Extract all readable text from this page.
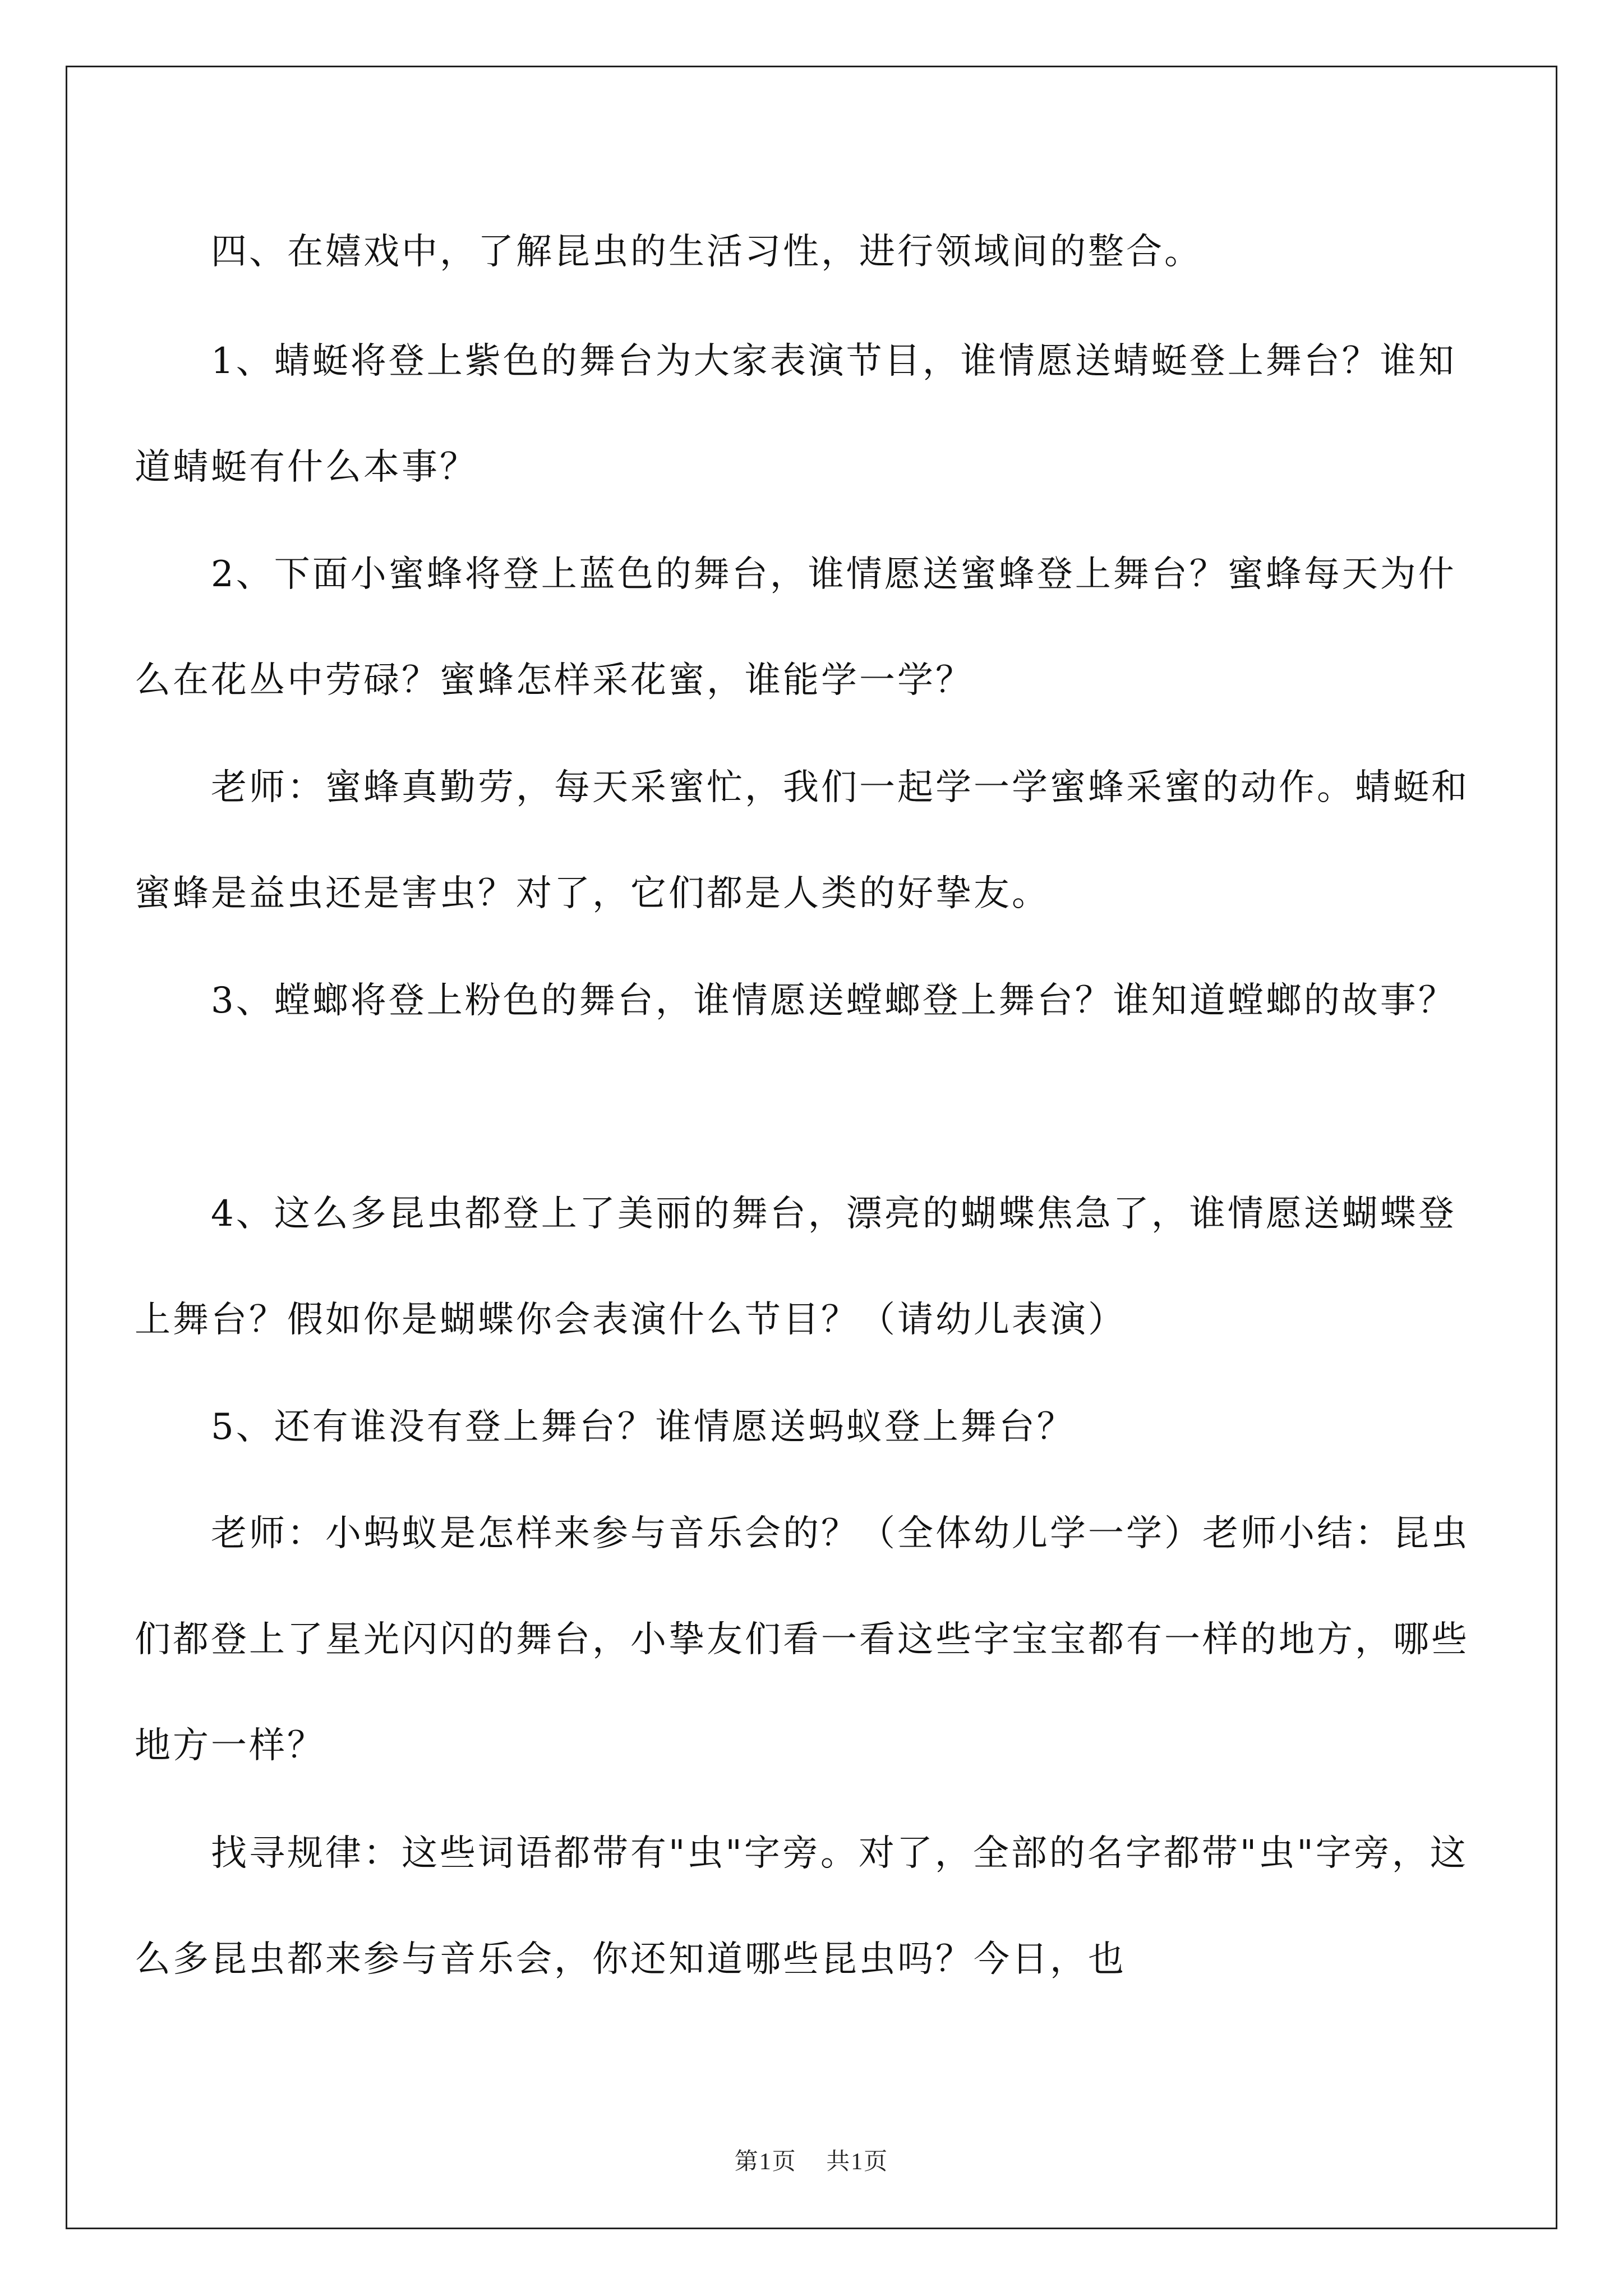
　　四、在嬉戏中，了解昆虫的生活习性，进行领域间的整合。
　　1、蜻蜓将登上紫色的舞台为大家表演节目，谁情愿送蜻蜓登上舞台？谁知道蜻蜓有什么本事？
　　2、下面小蜜蜂将登上蓝色的舞台，谁情愿送蜜蜂登上舞台？蜜蜂每天为什么在花丛中劳碌？蜜蜂怎样采花蜜，谁能学一学？
　　老师：蜜蜂真勤劳，每天采蜜忙，我们一起学一学蜜蜂采蜜的动作。蜻蜓和蜜蜂是益虫还是害虫？对了，它们都是人类的好挚友。
　　3、螳螂将登上粉色的舞台，谁情愿送螳螂登上舞台？谁知道螳螂的故事？
　　4、这么多昆虫都登上了美丽的舞台，漂亮的蝴蝶焦急了，谁情愿送蝴蝶登上舞台？假如你是蝴蝶你会表演什么节目？（请幼儿表演）
　　5、还有谁没有登上舞台？谁情愿送蚂蚁登上舞台？
　　老师：小蚂蚁是怎样来参与音乐会的？（全体幼儿学一学）老师小结：昆虫们都登上了星光闪闪的舞台，小挚友们看一看这些字宝宝都有一样的地方，哪些地方一样？
　　找寻规律：这些词语都带有"虫"字旁。对了，全部的名字都带"虫"字旁，这么多昆虫都来参与音乐会，你还知道哪些昆虫吗？今日，也
第1页 共1页
